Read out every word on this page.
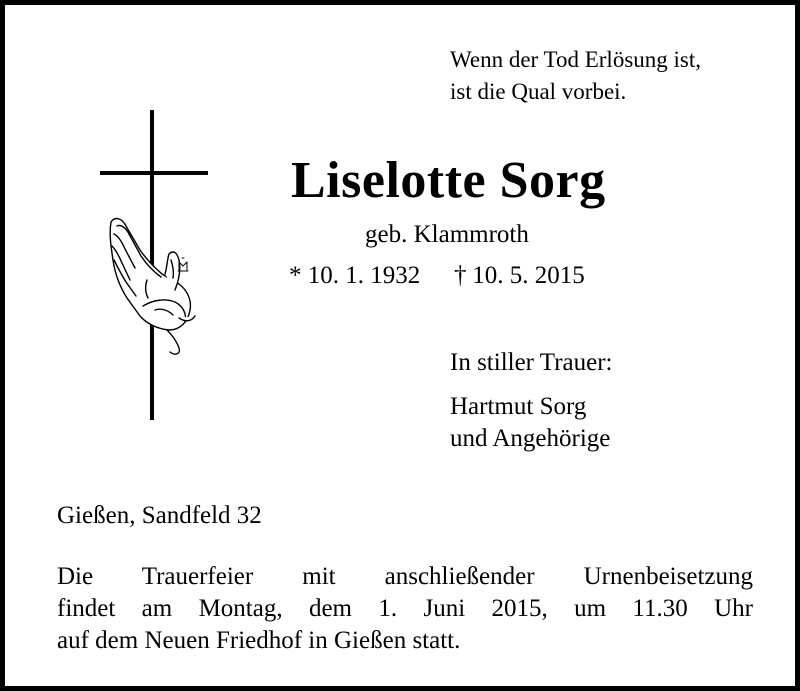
Wenn der Tod Erlösung ist,
ist die Qual vorbei.
Liselotte Sorg
geb. Klammroth
* 10. 1. 1932 † 10. 5. 2015
In stiller Trauer:
Hartmut Sorg
und Angehörige
Gießen, Sandfeld 32
Die Trauerfeier mit anschließender Urnenbeisetzung
findet am Montag, dem 1. Juni 2015, um 11.30 Uhr
auf dem Neuen Friedhof in Gießen statt.
